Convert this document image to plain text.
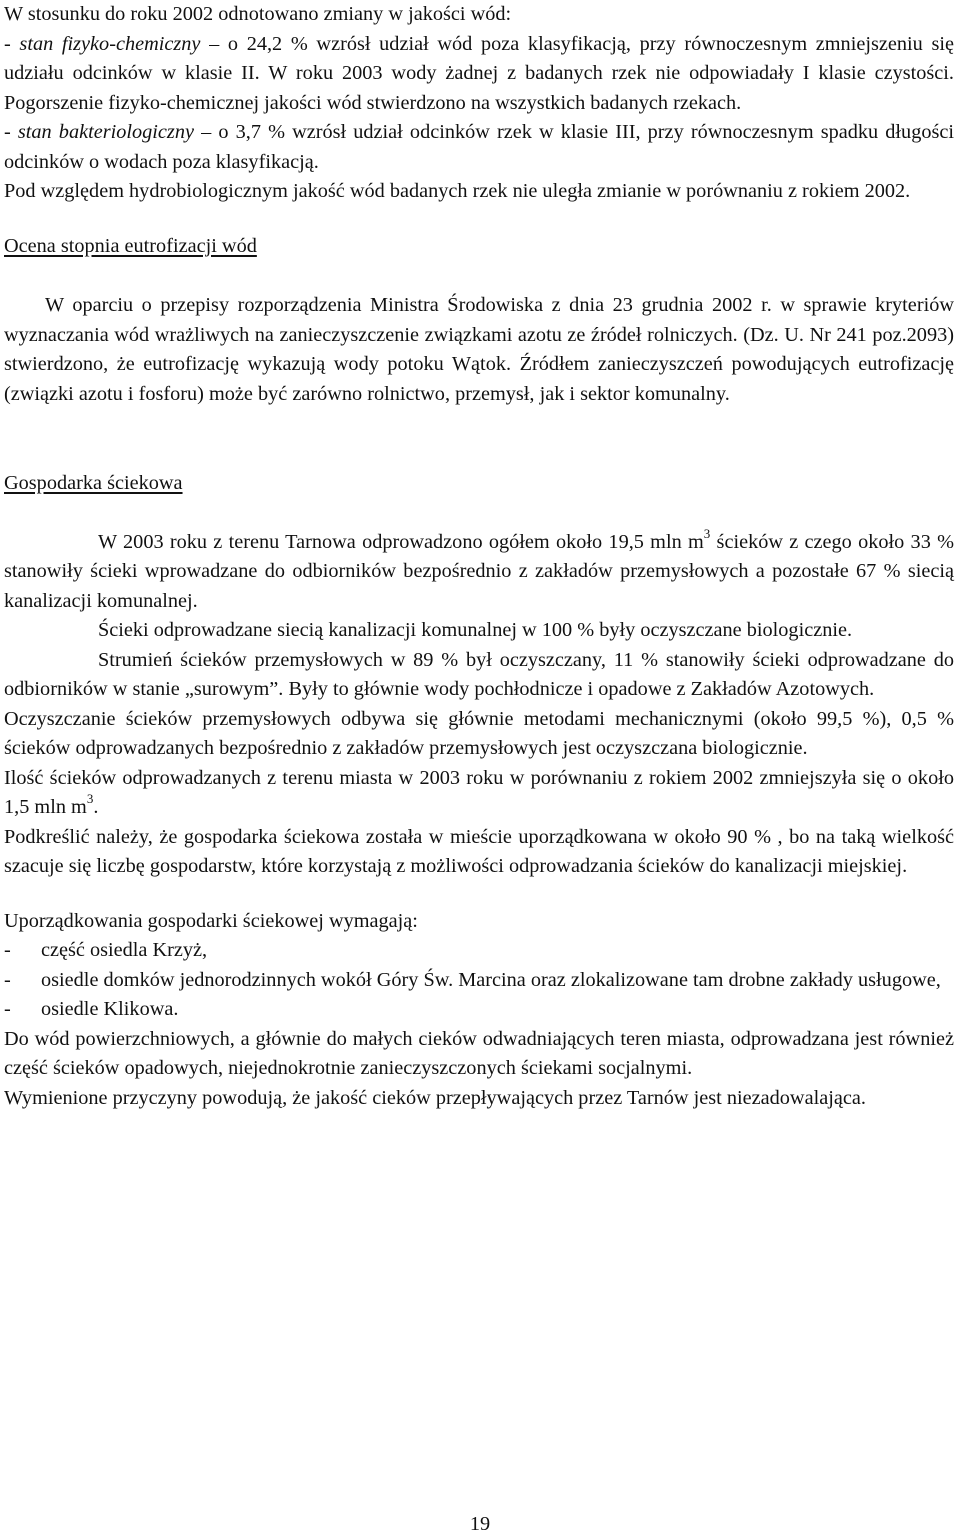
W stosunku do roku 2002 odnotowano zmiany w jakości wód:

- stan fizyko-chemiczny – o 24,2 % wzrósł udział wód poza klasyfikacją, przy równoczesnym zmniejszeniu się udziału odcinków w klasie II. W roku 2003 wody żadnej z badanych rzek nie odpowiadały I klasie czystości. Pogorszenie fizyko-chemicznej jakości wód stwierdzono na wszystkich badanych rzekach.

- stan bakteriologiczny – o 3,7 % wzrósł udział odcinków rzek w klasie III, przy równoczesnym spadku długości odcinków o wodach poza klasyfikacją.

Pod względem hydrobiologicznym jakość wód badanych rzek nie uległa zmianie w porównaniu z rokiem 2002.

Ocena stopnia eutrofizacji wód

W oparciu o przepisy rozporządzenia Ministra Środowiska z dnia 23 grudnia 2002 r. w sprawie kryteriów wyznaczania wód wrażliwych na zanieczyszczenie związkami azotu ze źródeł rolniczych. (Dz. U. Nr 241 poz.2093) stwierdzono, że eutrofizację wykazują wody potoku Wątok. Źródłem zanieczyszczeń powodujących eutrofizację (związki azotu i fosforu) może być zarówno rolnictwo, przemysł, jak i sektor komunalny.

Gospodarka ściekowa

W 2003 roku z terenu Tarnowa odprowadzono ogółem około 19,5 mln $m^3$ ścieków z czego około 33 % stanowiły ścieki wprowadzane do odbiorników bezpośrednio z zakładów przemysłowych a pozostałe 67 % siecią kanalizacji komunalnej.

Ścieki odprowadzane siecią kanalizacji komunalnej w 100 % były oczyszczane biologicznie.

Strumień ścieków przemysłowych w 89 % był oczyszczany, 11 % stanowiły ścieki odprowadzane do odbiorników w stanie „surowym”. Były to głównie wody pochłodnicze i opadowe z Zakładów Azotowych.

Oczyszczanie ścieków przemysłowych odbywa się głównie metodami mechanicznymi (około 99,5 %), 0,5 % ścieków odprowadzanych bezpośrednio z zakładów przemysłowych jest oczyszczana biologicznie.

Ilość ścieków odprowadzanych z terenu miasta w 2003 roku w porównaniu z rokiem 2002 zmniejszyła się o około 1,5 mln $m^3$.

Podkreślić należy, że gospodarka ściekowa została w mieście uporządkowana w około 90 % , bo na taką wielkość szacuje się liczbę gospodarstw, które korzystają z możliwości odprowadzania ścieków do kanalizacji miejskiej.

Uporządkowania gospodarki ściekowej wymagają:

-	część osiedla Krzyż,
-	osiedle domków jednorodzinnych wokół Góry Św. Marcina oraz zlokalizowane tam drobne zakłady usługowe,
-	osiedle Klikowa.

Do wód powierzchniowych, a głównie do małych cieków odwadniających teren miasta, odprowadzana jest również część ścieków opadowych, niejednokrotnie zanieczyszczonych ściekami socjalnymi.

Wymienione przyczyny powodują, że jakość cieków przepływających przez Tarnów jest niezadowalająca.

19
